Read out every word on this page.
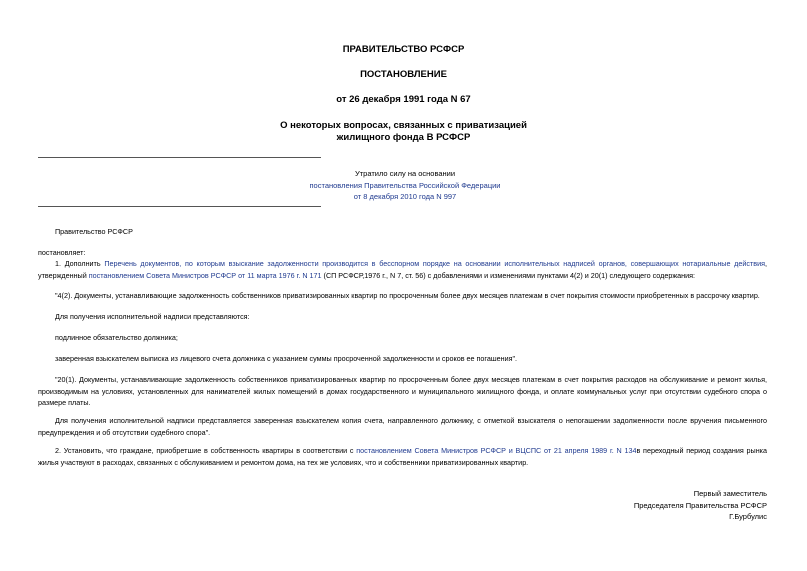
ПРАВИТЕЛЬСТВО РСФСР
ПОСТАНОВЛЕНИЕ
от 26 декабря 1991 года N 67
О некоторых вопросах, связанных с приватизацией
жилищного фонда В РСФСР
Утратило силу на основании
постановления Правительства Российской Федерации
от 8 декабря 2010 года N 997
Правительство РСФСР
постановляет:
1. Дополнить Перечень документов, по которым взыскание задолженности производится в бесспорном порядке на основании исполнительных надписей органов, совершающих нотариальные действия, утвержденный постановлением Совета Министров РСФСР от 11 марта 1976 г. N 171 (СП РСФСР,1976 г., N 7, ст. 56) с добавлениями и изменениями пунктами 4(2) и 20(1) следующего содержания:
"4(2). Документы, устанавливающие задолженность собственников приватизированных квартир по просроченным более двух месяцев платежам в счет покрытия стоимости приобретенных в рассрочку квартир.
Для получения исполнительной надписи представляются:
подлинное обязательство должника;
заверенная взыскателем выписка из лицевого счета должника с указанием суммы просроченной задолженности и сроков ее погашения".
"20(1). Документы, устанавливающие задолженность собственников приватизированных квартир по просроченным более двух месяцев платежам в счет покрытия расходов на обслуживание и ремонт жилья, производимым на условиях, установленных для нанимателей жилых помещений в домах государственного и муниципального жилищного фонда, и оплате коммунальных услуг при отсутствии судебного спора о размере платы.
Для получения исполнительной надписи представляется заверенная взыскателем копия счета, направленного должнику, с отметкой взыскателя о непогашении задолженности после вручения письменного предупреждения и об отсутствии судебного спора".
2. Установить, что граждане, приобретшие в собственность квартиры в соответствии с постановлением Совета Министров РСФСР и ВЦСПС от 21 апреля 1989 г. N 134в переходный период создания рынка жилья участвуют в расходах, связанных с обслуживанием и ремонтом дома, на тех же условиях, что и собственники приватизированных квартир.
Первый заместитель
Председателя Правительства РСФСР
Г.Бурбулис
